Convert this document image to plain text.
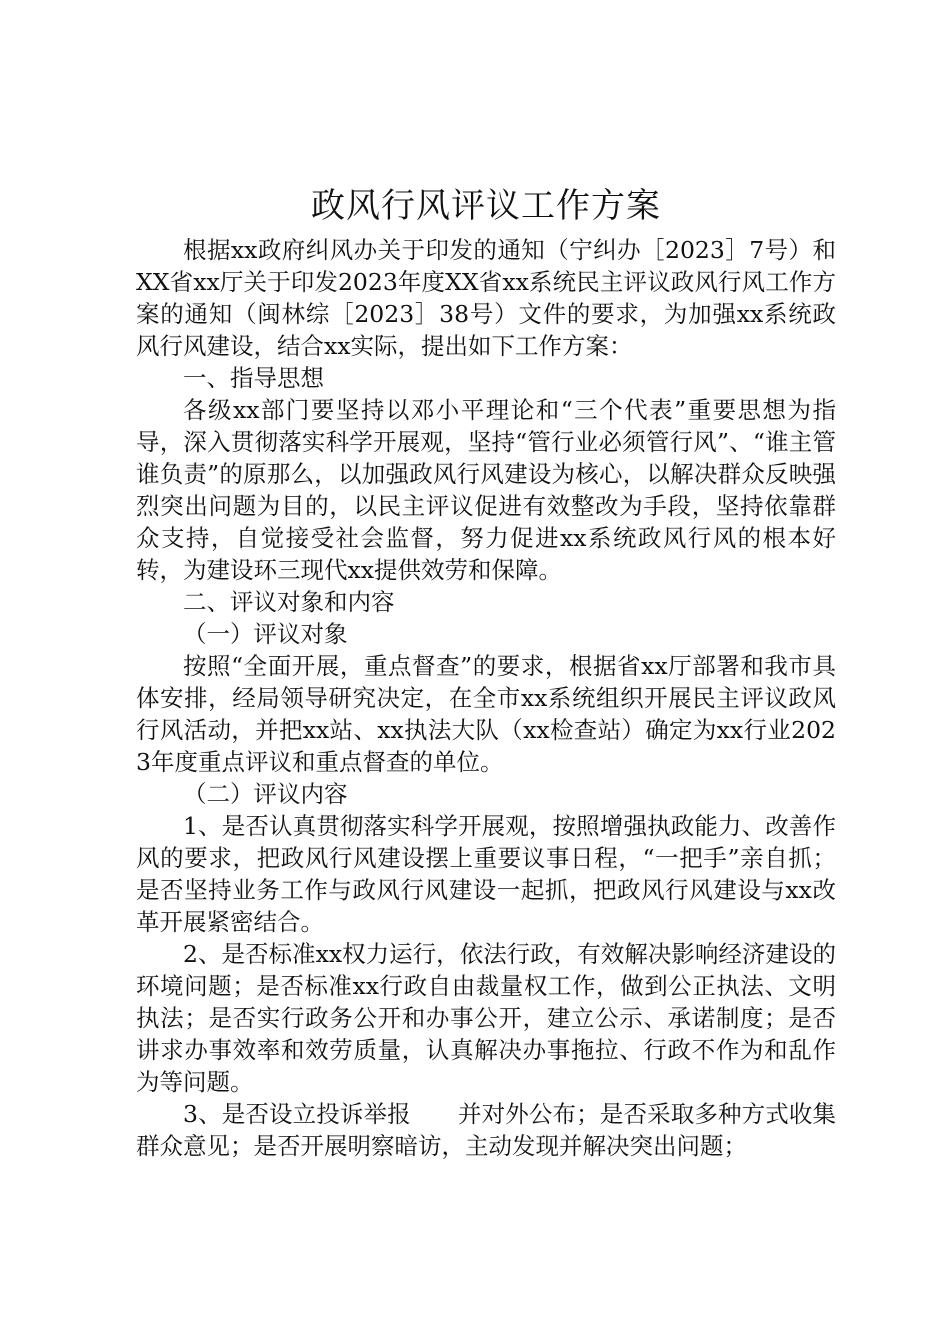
政风行风评议工作方案

根据xx政府纠风办关于印发的通知（宁纠办［2023］7号）和XX省xx厅关于印发2023年度XX省xx系统民主评议政风行风工作方案的通知（闽林综［2023］38号）文件的要求，为加强xx系统政风行风建设，结合xx实际，提出如下工作方案：

一、指导思想

各级xx部门要坚持以邓小平理论和“三个代表”重要思想为指导，深入贯彻落实科学开展观，坚持“管行业必须管行风”、“谁主管谁负责”的原那么，以加强政风行风建设为核心，以解决群众反映强烈突出问题为目的，以民主评议促进有效整改为手段，坚持依靠群众支持，自觉接受社会监督，努力促进xx系统政风行风的根本好转，为建设环三现代xx提供效劳和保障。

二、评议对象和内容

（一）评议对象

按照“全面开展，重点督查”的要求，根据省xx厅部署和我市具体安排，经局领导研究决定，在全市xx系统组织开展民主评议政风行风活动，并把xx站、xx执法大队（xx检查站）确定为xx行业2023年度重点评议和重点督查的单位。

（二）评议内容

1、是否认真贯彻落实科学开展观，按照增强执政能力、改善作风的要求，把政风行风建设摆上重要议事日程，“一把手”亲自抓；是否坚持业务工作与政风行风建设一起抓，把政风行风建设与xx改革开展紧密结合。

2、是否标准xx权力运行，依法行政，有效解决影响经济建设的环境问题；是否标准xx行政自由裁量权工作，做到公正执法、文明执法；是否实行政务公开和办事公开，建立公示、承诺制度；是否讲求办事效率和效劳质量，认真解决办事拖拉、行政不作为和乱作为等问题。

3、是否设立投诉举报　　并对外公布；是否采取多种方式收集群众意见；是否开展明察暗访，主动发现并解决突出问题；
